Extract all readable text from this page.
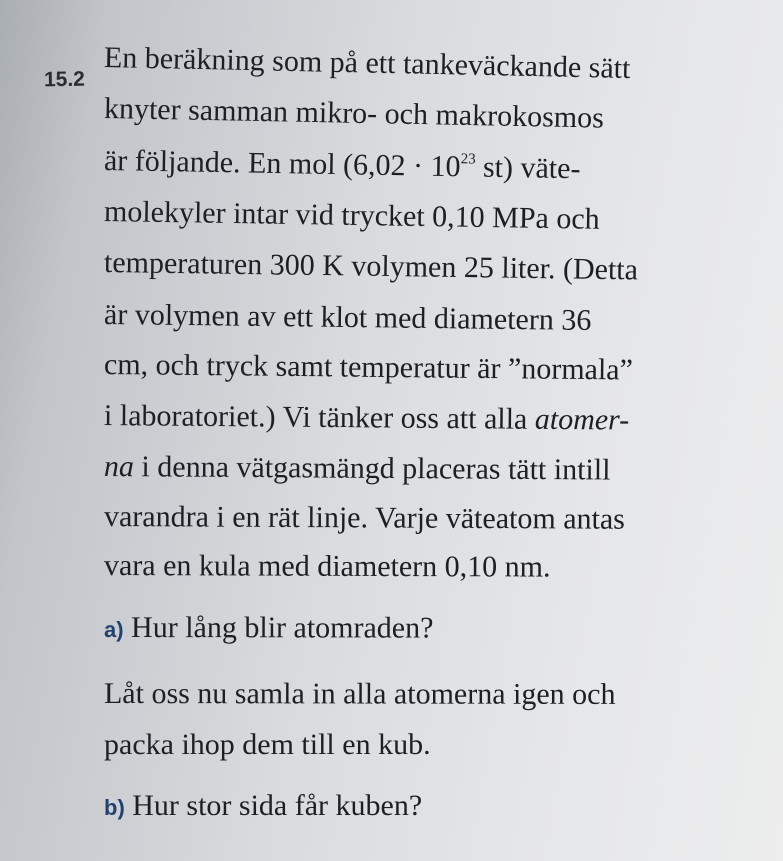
15.2 En beräkning som på ett tankeväckande sätt
knyter samman mikro- och makrokosmos
är följande. En mol ($6,02 \cdot 10^{23}$ st) väte-
molekyler intar vid trycket 0,10 MPa och
temperaturen 300 K volymen 25 liter. (Detta
är volymen av ett klot med diametern 36
cm, och tryck samt temperatur är ”normala”
i laboratoriet.) Vi tänker oss att alla atomer-
na i denna vätgasmängd placeras tätt intill
varandra i en rät linje. Varje väteatom antas
vara en kula med diametern 0,10 nm.
a) Hur lång blir atomraden?
Låt oss nu samla in alla atomerna igen och
packa ihop dem till en kub.
b) Hur stor sida får kuben?
